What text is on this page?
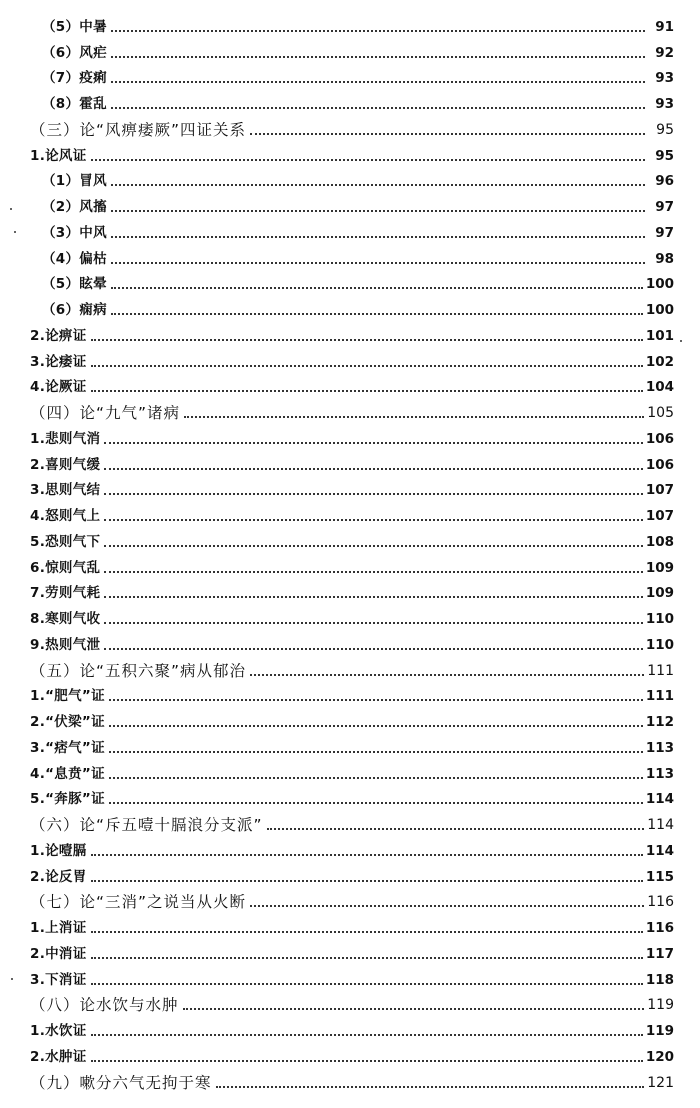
（5）中暑	91
（6）风疟	92
（7）疫痢	93
（8）霍乱	93
（三）论“风痹痿厥”四证关系	95
1.论风证	95
（1）冒风	96
（2）风搐	97
（3）中风	97
（4）偏枯	98
（5）眩晕	100
（6）痫病	100
2.论痹证	101
3.论痿证	102
4.论厥证	104
（四）论“九气”诸病	105
1.悲则气消	106
2.喜则气缓	106
3.思则气结	107
4.怒则气上	107
5.恐则气下	108
6.惊则气乱	109
7.劳则气耗	109
8.寒则气收	110
9.热则气泄	110
（五）论“五积六聚”病从郁治	111
1.“肥气”证	111
2.“伏梁”证	112
3.“痞气”证	113
4.“息贲”证	113
5.“奔豚”证	114
（六）论“斥五噎十膈浪分支派”	114
1.论噎膈	114
2.论反胃	115
（七）论“三消”之说当从火断	116
1.上消证	116
2.中消证	117
3.下消证	118
（八）论水饮与水肿	119
1.水饮证	119
2.水肿证	120
（九）嗽分六气无拘于寒	121
